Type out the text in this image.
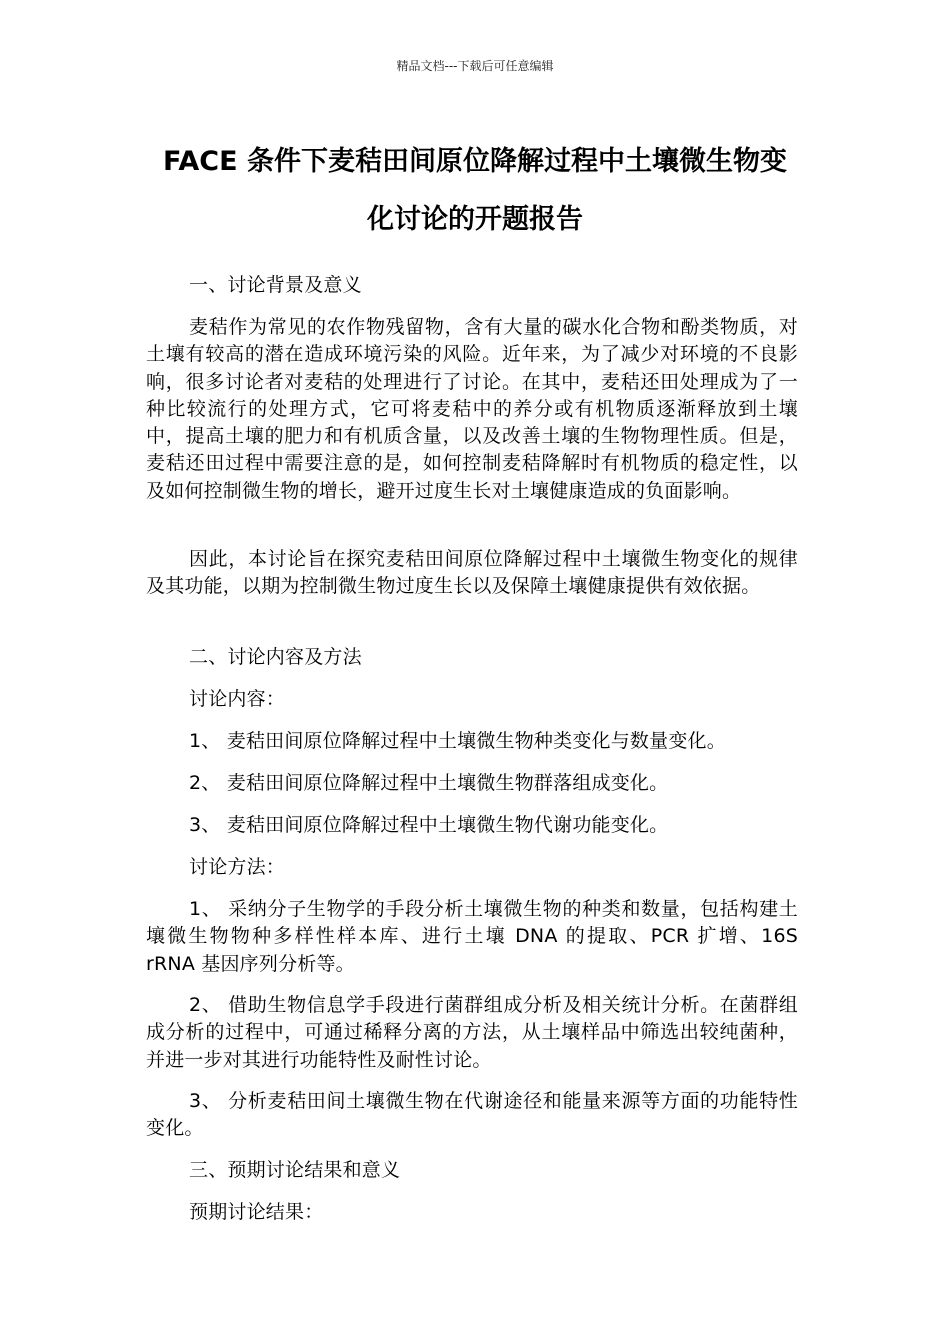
精品文档---下载后可任意编辑
FACE 条件下麦秸田间原位降解过程中土壤微生物变
化讨论的开题报告
一、讨论背景及意义

麦秸作为常见的农作物残留物，含有大量的碳水化合物和酚类物质，对土壤有较高的潜在造成环境污染的风险。近年来，为了减少对环境的不良影响，很多讨论者对麦秸的处理进行了讨论。在其中，麦秸还田处理成为了一种比较流行的处理方式，它可将麦秸中的养分或有机物质逐渐释放到土壤中，提高土壤的肥力和有机质含量，以及改善土壤的生物物理性质。但是，麦秸还田过程中需要注意的是，如何控制麦秸降解时有机物质的稳定性，以及如何控制微生物的增长，避开过度生长对土壤健康造成的负面影响。

因此，本讨论旨在探究麦秸田间原位降解过程中土壤微生物变化的规律及其功能，以期为控制微生物过度生长以及保障土壤健康提供有效依据。

二、讨论内容及方法
讨论内容：
1、 麦秸田间原位降解过程中土壤微生物种类变化与数量变化。
2、 麦秸田间原位降解过程中土壤微生物群落组成变化。
3、 麦秸田间原位降解过程中土壤微生物代谢功能变化。
讨论方法：

1、 采纳分子生物学的手段分析土壤微生物的种类和数量，包括构建土壤微生物物种多样性样本库、进行土壤 DNA 的提取、PCR 扩增、16S rRNA 基因序列分析等。

2、 借助生物信息学手段进行菌群组成分析及相关统计分析。在菌群组成分析的过程中，可通过稀释分离的方法，从土壤样品中筛选出较纯菌种，并进一步对其进行功能特性及耐性讨论。

3、 分析麦秸田间土壤微生物在代谢途径和能量来源等方面的功能特性变化。

三、预期讨论结果和意义
预期讨论结果：
